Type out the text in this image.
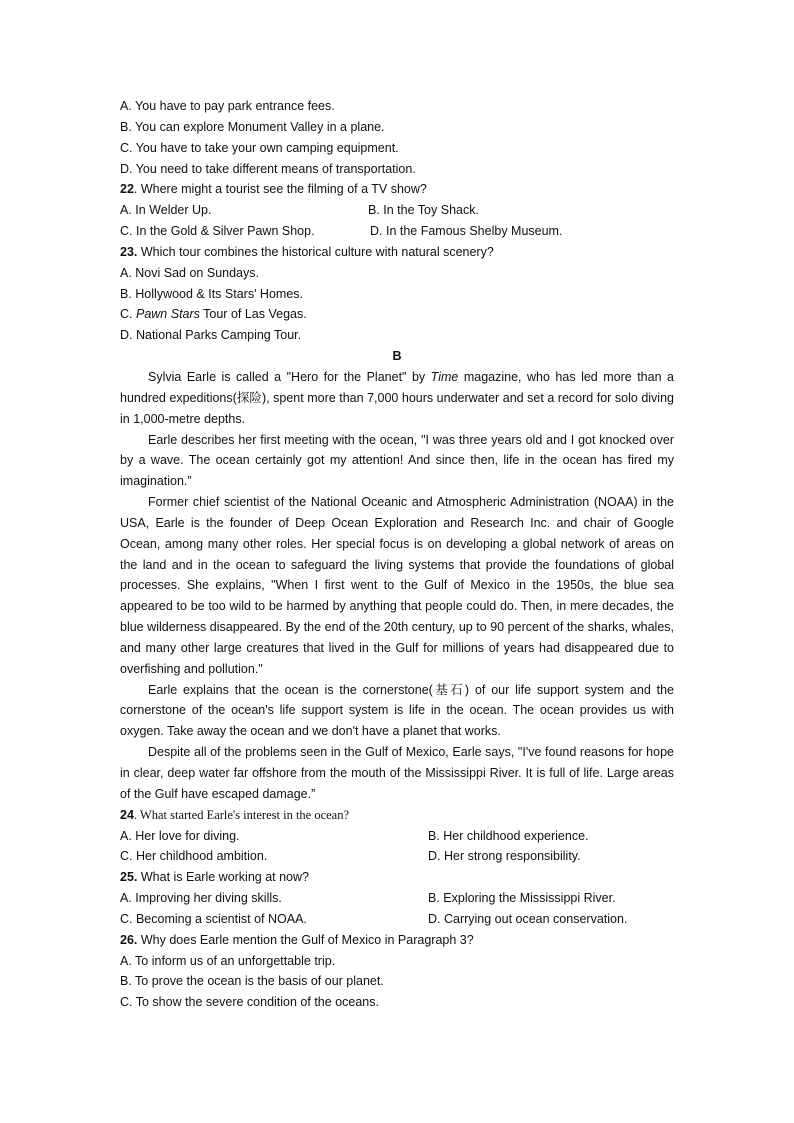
A. You have to pay park entrance fees.
B. You can explore Monument Valley in a plane.
C. You have to take your own camping equipment.
D. You need to take different means of transportation.
22. Where might a tourist see the filming of a TV show?
A. In Welder Up.	B. In the Toy Shack.
C. In the Gold & Silver Pawn Shop.	D. In the Famous Shelby Museum.
23. Which tour combines the historical culture with natural scenery?
A. Novi Sad on Sundays.
B. Hollywood & Its Stars' Homes.
C. Pawn Stars Tour of Las Vegas.
D. National Parks Camping Tour.
B

Sylvia Earle is called a "Hero for the Planet" by Time magazine, who has led more than a hundred expeditions(探险), spent more than 7,000 hours underwater and set a record for solo diving in 1,000-metre depths.

Earle describes her first meeting with the ocean, "I was three years old and I got knocked over by a wave. The ocean certainly got my attention! And since then, life in the ocean has fired my imagination.”

Former chief scientist of the National Oceanic and Atmospheric Administration (NOAA) in the USA, Earle is the founder of Deep Ocean Exploration and Research Inc. and chair of Google Ocean, among many other roles. Her special focus is on developing a global network of areas on the land and in the ocean to safeguard the living systems that provide the foundations of global processes. She explains, "When I first went to the Gulf of Mexico in the 1950s, the blue sea appeared to be too wild to be harmed by anything that people could do. Then, in mere decades, the blue wilderness disappeared. By the end of the 20th century, up to 90 percent of the sharks, whales, and many other large creatures that lived in the Gulf for millions of years had disappeared due to overfishing and pollution."

Earle explains that the ocean is the cornerstone(基石) of our life support system and the cornerstone of the ocean's life support system is life in the ocean. The ocean provides us with oxygen. Take away the ocean and we don't have a planet that works.

Despite all of the problems seen in the Gulf of Mexico, Earle says, "I've found reasons for hope in clear, deep water far offshore from the mouth of the Mississippi River. It is full of life. Large areas of the Gulf have escaped damage.”

24. What started Earle's interest in the ocean?
A. Her love for diving.	B. Her childhood experience.
C. Her childhood ambition.	D. Her strong responsibility.
25. What is Earle working at now?
A. Improving her diving skills.	B. Exploring the Mississippi River.
C. Becoming a scientist of NOAA.	D. Carrying out ocean conservation.
26. Why does Earle mention the Gulf of Mexico in Paragraph 3?
A. To inform us of an unforgettable trip.
B. To prove the ocean is the basis of our planet.
C. To show the severe condition of the oceans.
